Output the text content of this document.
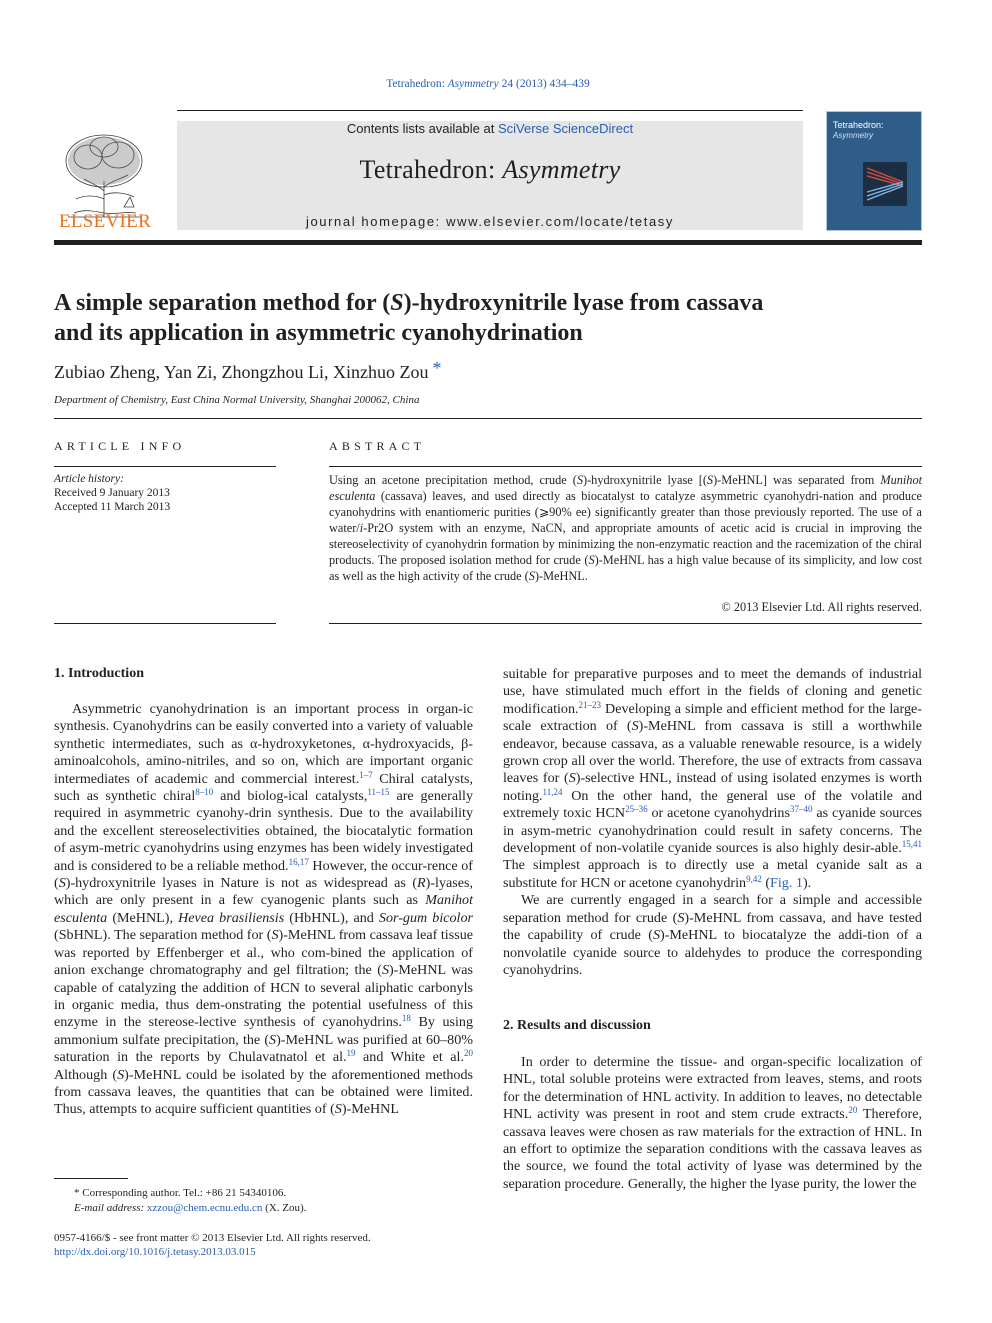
Tetrahedron: Asymmetry 24 (2013) 434–439
ELSEVIER
Contents lists available at SciVerse ScienceDirect
Tetrahedron: Asymmetry
journal homepage: www.elsevier.com/locate/tetasy
Tetrahedron:
Asymmetry
A simple separation method for (S)-hydroxynitrile lyase from cassava
and its application in asymmetric cyanohydrination
Zubiao Zheng, Yan Zi, Zhongzhou Li, Xinzhuo Zou *
Department of Chemistry, East China Normal University, Shanghai 200062, China
ARTICLE INFO
Article history:
Received 9 January 2013
Accepted 11 March 2013
ABSTRACT
Using an acetone precipitation method, crude (S)-hydroxynitrile lyase [(S)-MeHNL] was separated from Munihot esculenta (cassava) leaves, and used directly as biocatalyst to catalyze asymmetric cyanohydri-nation and produce cyanohydrins with enantiomeric purities (⩾90% ee) significantly greater than those previously reported. The use of a water/i-Pr2O system with an enzyme, NaCN, and appropriate amounts of acetic acid is crucial in improving the stereoselectivity of cyanohydrin formation by minimizing the non-enzymatic reaction and the racemization of the chiral products. The proposed isolation method for crude (S)-MeHNL has a high value because of its simplicity, and low cost as well as the high activity of the crude (S)-MeHNL.
© 2013 Elsevier Ltd. All rights reserved.
1. Introduction

Asymmetric cyanohydrination is an important process in organ-ic synthesis. Cyanohydrins can be easily converted into a variety of valuable synthetic intermediates, such as α-hydroxyketones, α-hydroxyacids, β-aminoalcohols, amino-nitriles, and so on, which are important organic intermediates of academic and commercial interest.$^{1-7}$ Chiral catalysts, such as synthetic chiral$^{8-10}$ and biolog-ical catalysts,$^{11-15}$ are generally required in asymmetric cyanohy-drin synthesis. Due to the availability and the excellent stereoselectivities obtained, the biocatalytic formation of asym-metric cyanohydrins using enzymes has been widely investigated and is considered to be a reliable method.$^{16,17}$ However, the occur-rence of (S)-hydroxynitrile lyases in Nature is not as widespread as (R)-lyases, which are only present in a few cyanogenic plants such as Manihot esculenta (MeHNL), Hevea brasiliensis (HbHNL), and Sor-gum bicolor (SbHNL). The separation method for (S)-MeHNL from cassava leaf tissue was reported by Effenberger et al., who com-bined the application of anion exchange chromatography and gel filtration; the (S)-MeHNL was capable of catalyzing the addition of HCN to several aliphatic carbonyls in organic media, thus dem-onstrating the potential usefulness of this enzyme in the stereose-lective synthesis of cyanohydrins.$^{18}$ By using ammonium sulfate precipitation, the (S)-MeHNL was purified at 60–80% saturation in the reports by Chulavatnatol et al.$^{19}$ and White et al.$^{20}$ Although (S)-MeHNL could be isolated by the aforementioned methods from cassava leaves, the quantities that can be obtained were limited. Thus, attempts to acquire sufficient quantities of (S)-MeHNL

suitable for preparative purposes and to meet the demands of industrial use, have stimulated much effort in the fields of cloning and genetic modification.$^{21-23}$ Developing a simple and efficient method for the large-scale extraction of (S)-MeHNL from cassava is still a worthwhile endeavor, because cassava, as a valuable renewable resource, is a widely grown crop all over the world. Therefore, the use of extracts from cassava leaves for (S)-selective HNL, instead of using isolated enzymes is worth noting.$^{11,24}$ On the other hand, the general use of the volatile and extremely toxic HCN$^{25-36}$ or acetone cyanohydrins$^{37-40}$ as cyanide sources in asym-metric cyanohydrination could result in safety concerns. The development of non-volatile cyanide sources is also highly desir-able.$^{15,41}$ The simplest approach is to directly use a metal cyanide salt as a substitute for HCN or acetone cyanohydrin$^{9,42}$ (Fig. 1).

We are currently engaged in a search for a simple and accessible separation method for crude (S)-MeHNL from cassava, and have tested the capability of crude (S)-MeHNL to biocatalyze the addi-tion of a nonvolatile cyanide source to aldehydes to produce the corresponding cyanohydrins.

2. Results and discussion

In order to determine the tissue- and organ-specific localization of HNL, total soluble proteins were extracted from leaves, stems, and roots for the determination of HNL activity. In addition to leaves, no detectable HNL activity was present in root and stem crude extracts.$^{20}$ Therefore, cassava leaves were chosen as raw materials for the extraction of HNL. In an effort to optimize the separation conditions with the cassava leaves as the source, we found the total activity of lyase was determined by the separation procedure. Generally, the higher the lyase purity, the lower the

* Corresponding author. Tel.: +86 21 54340106.
E-mail address: xzzou@chem.ecnu.edu.cn (X. Zou).
0957-4166/$ - see front matter © 2013 Elsevier Ltd. All rights reserved.
http://dx.doi.org/10.1016/j.tetasy.2013.03.015
